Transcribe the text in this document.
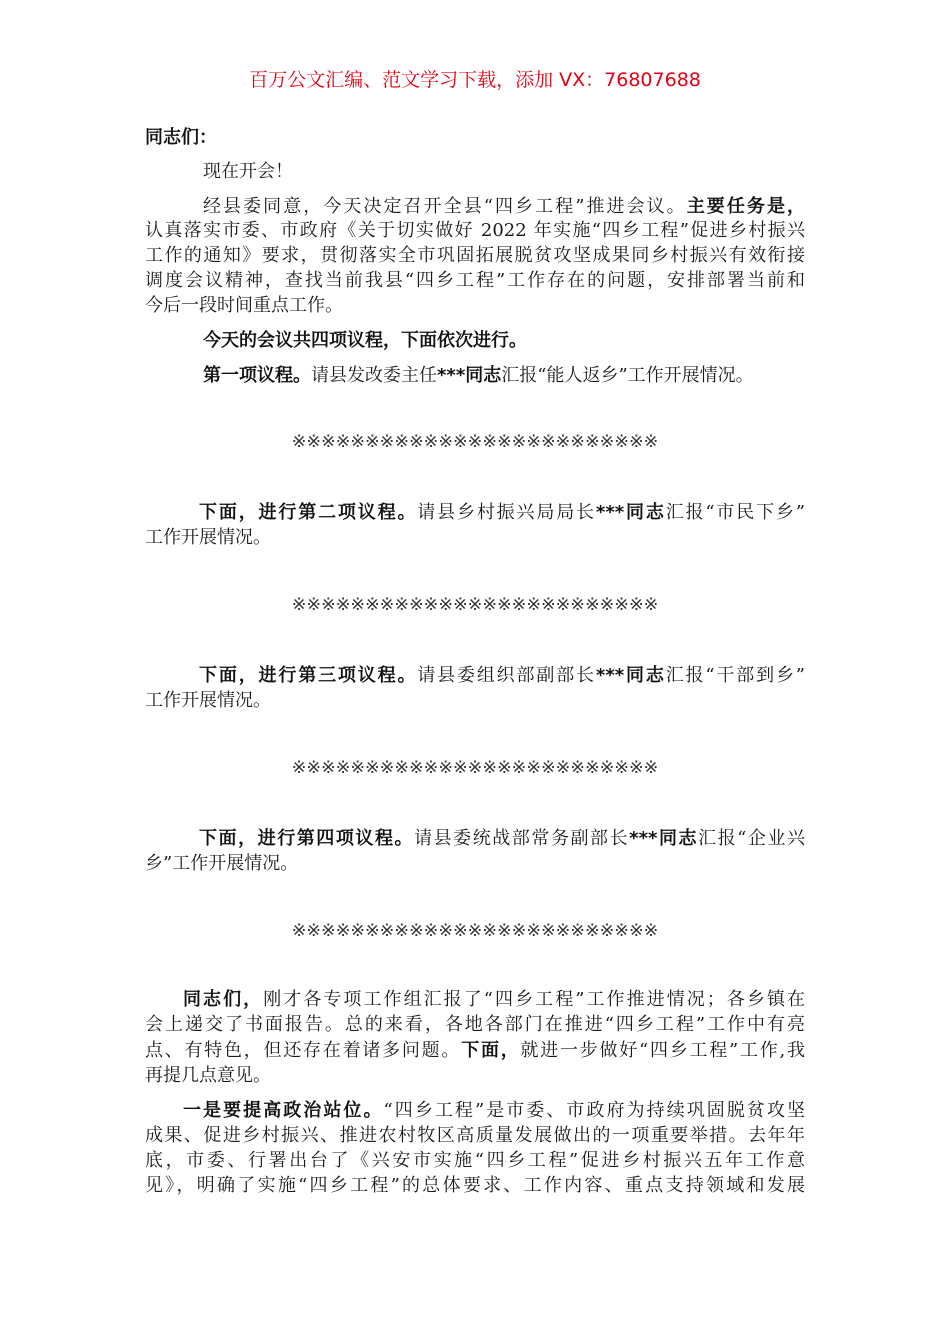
百万公文汇编、范文学习下载，添加 VX：76807688
同志们：
现在开会！
经县委同意，今天决定召开全县“四乡工程”推进会议。主要任务是，
认真落实市委、市政府《关于切实做好 2022 年实施“四乡工程”促进乡村振兴
工作的通知》要求，贯彻落实全市巩固拓展脱贫攻坚成果同乡村振兴有效衔接
调度会议精神，查找当前我县“四乡工程”工作存在的问题，安排部署当前和
今后一段时间重点工作。
今天的会议共四项议程，下面依次进行。
第一项议程。请县发改委主任***同志汇报“能人返乡”工作开展情况。
※※※※※※※※※※※※※※※※※※※※※※※※※
下面，进行第二项议程。请县乡村振兴局局长***同志汇报“市民下乡”
工作开展情况。
※※※※※※※※※※※※※※※※※※※※※※※※※
下面，进行第三项议程。请县委组织部副部长***同志汇报“干部到乡”
工作开展情况。
※※※※※※※※※※※※※※※※※※※※※※※※※
下面，进行第四项议程。请县委统战部常务副部长***同志汇报“企业兴
乡”工作开展情况。
※※※※※※※※※※※※※※※※※※※※※※※※※
同志们，刚才各专项工作组汇报了“四乡工程”工作推进情况；各乡镇在
会上递交了书面报告。总的来看，各地各部门在推进“四乡工程”工作中有亮
点、有特色，但还存在着诸多问题。下面，就进一步做好“四乡工程”工作,我
再提几点意见。
一是要提高政治站位。“四乡工程”是市委、市政府为持续巩固脱贫攻坚
成果、促进乡村振兴、推进农村牧区高质量发展做出的一项重要举措。去年年
底，市委、行署出台了《兴安市实施“四乡工程”促进乡村振兴五年工作意
见》，明确了实施“四乡工程”的总体要求、工作内容、重点支持领域和发展
